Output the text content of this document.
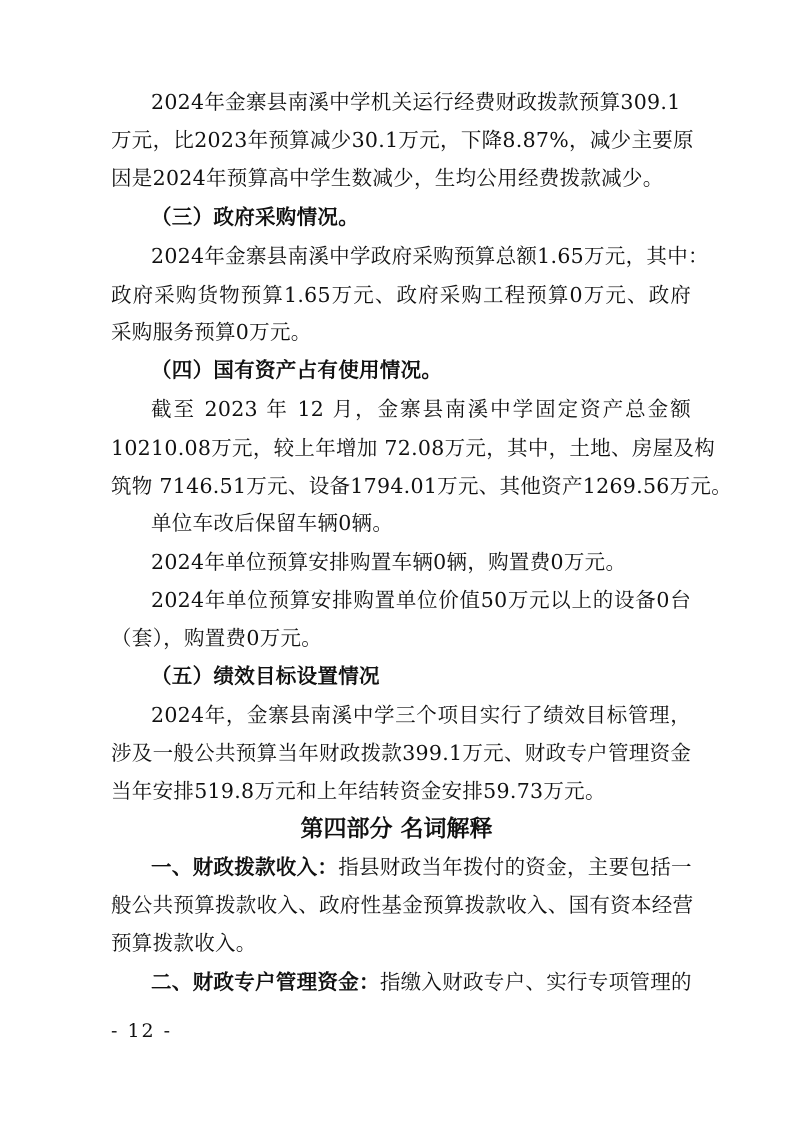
2024年金寨县南溪中学机关运行经费财政拨款预算309.1
万元，比2023年预算减少30.1万元，下降8.87%，减少主要原
因是2024年预算高中学生数减少，生均公用经费拨款减少。
（三）政府采购情况。
2024年金寨县南溪中学政府采购预算总额1.65万元，其中：
政府采购货物预算1.65万元、政府采购工程预算0万元、政府
采购服务预算0万元。
（四）国有资产占有使用情况。
截至 2023 年 12 月，金寨县南溪中学固定资产总金额
10210.08万元，较上年增加 72.08万元，其中，土地、房屋及构
筑物 7146.51万元、设备1794.01万元、其他资产1269.56万元。
单位车改后保留车辆0辆。
2024年单位预算安排购置车辆0辆，购置费0万元。
2024年单位预算安排购置单位价值50万元以上的设备0台
（套），购置费0万元。
（五）绩效目标设置情况
2024年，金寨县南溪中学三个项目实行了绩效目标管理，
涉及一般公共预算当年财政拨款399.1万元、财政专户管理资金
当年安排519.8万元和上年结转资金安排59.73万元。
第四部分 名词解释
一、财政拨款收入：指县财政当年拨付的资金，主要包括一
般公共预算拨款收入、政府性基金预算拨款收入、国有资本经营
预算拨款收入。
二、财政专户管理资金：指缴入财政专户、实行专项管理的
- 12 -
